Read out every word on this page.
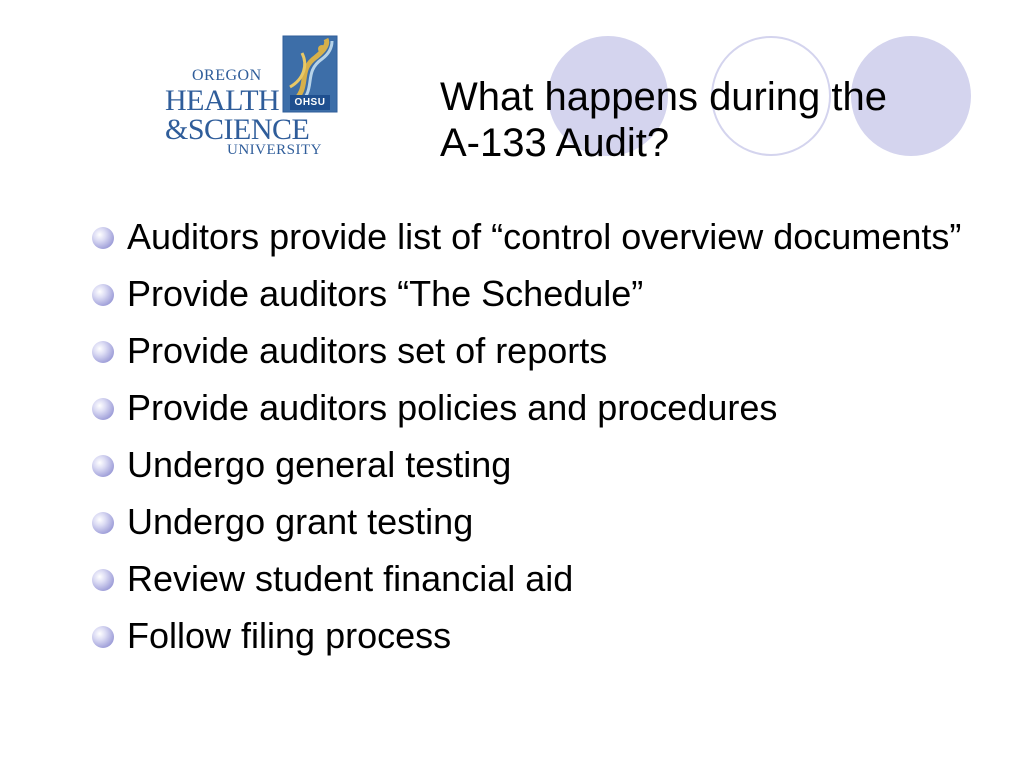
OHSU
OREGON
HEALTH
&SCIENCE
UNIVERSITY
What happens during the
A-133 Audit?
Auditors provide list of “control overview documents”
Provide auditors “The Schedule”
Provide auditors set of reports
Provide auditors policies and procedures
Undergo general testing
Undergo grant testing
Review student financial aid
Follow filing process
